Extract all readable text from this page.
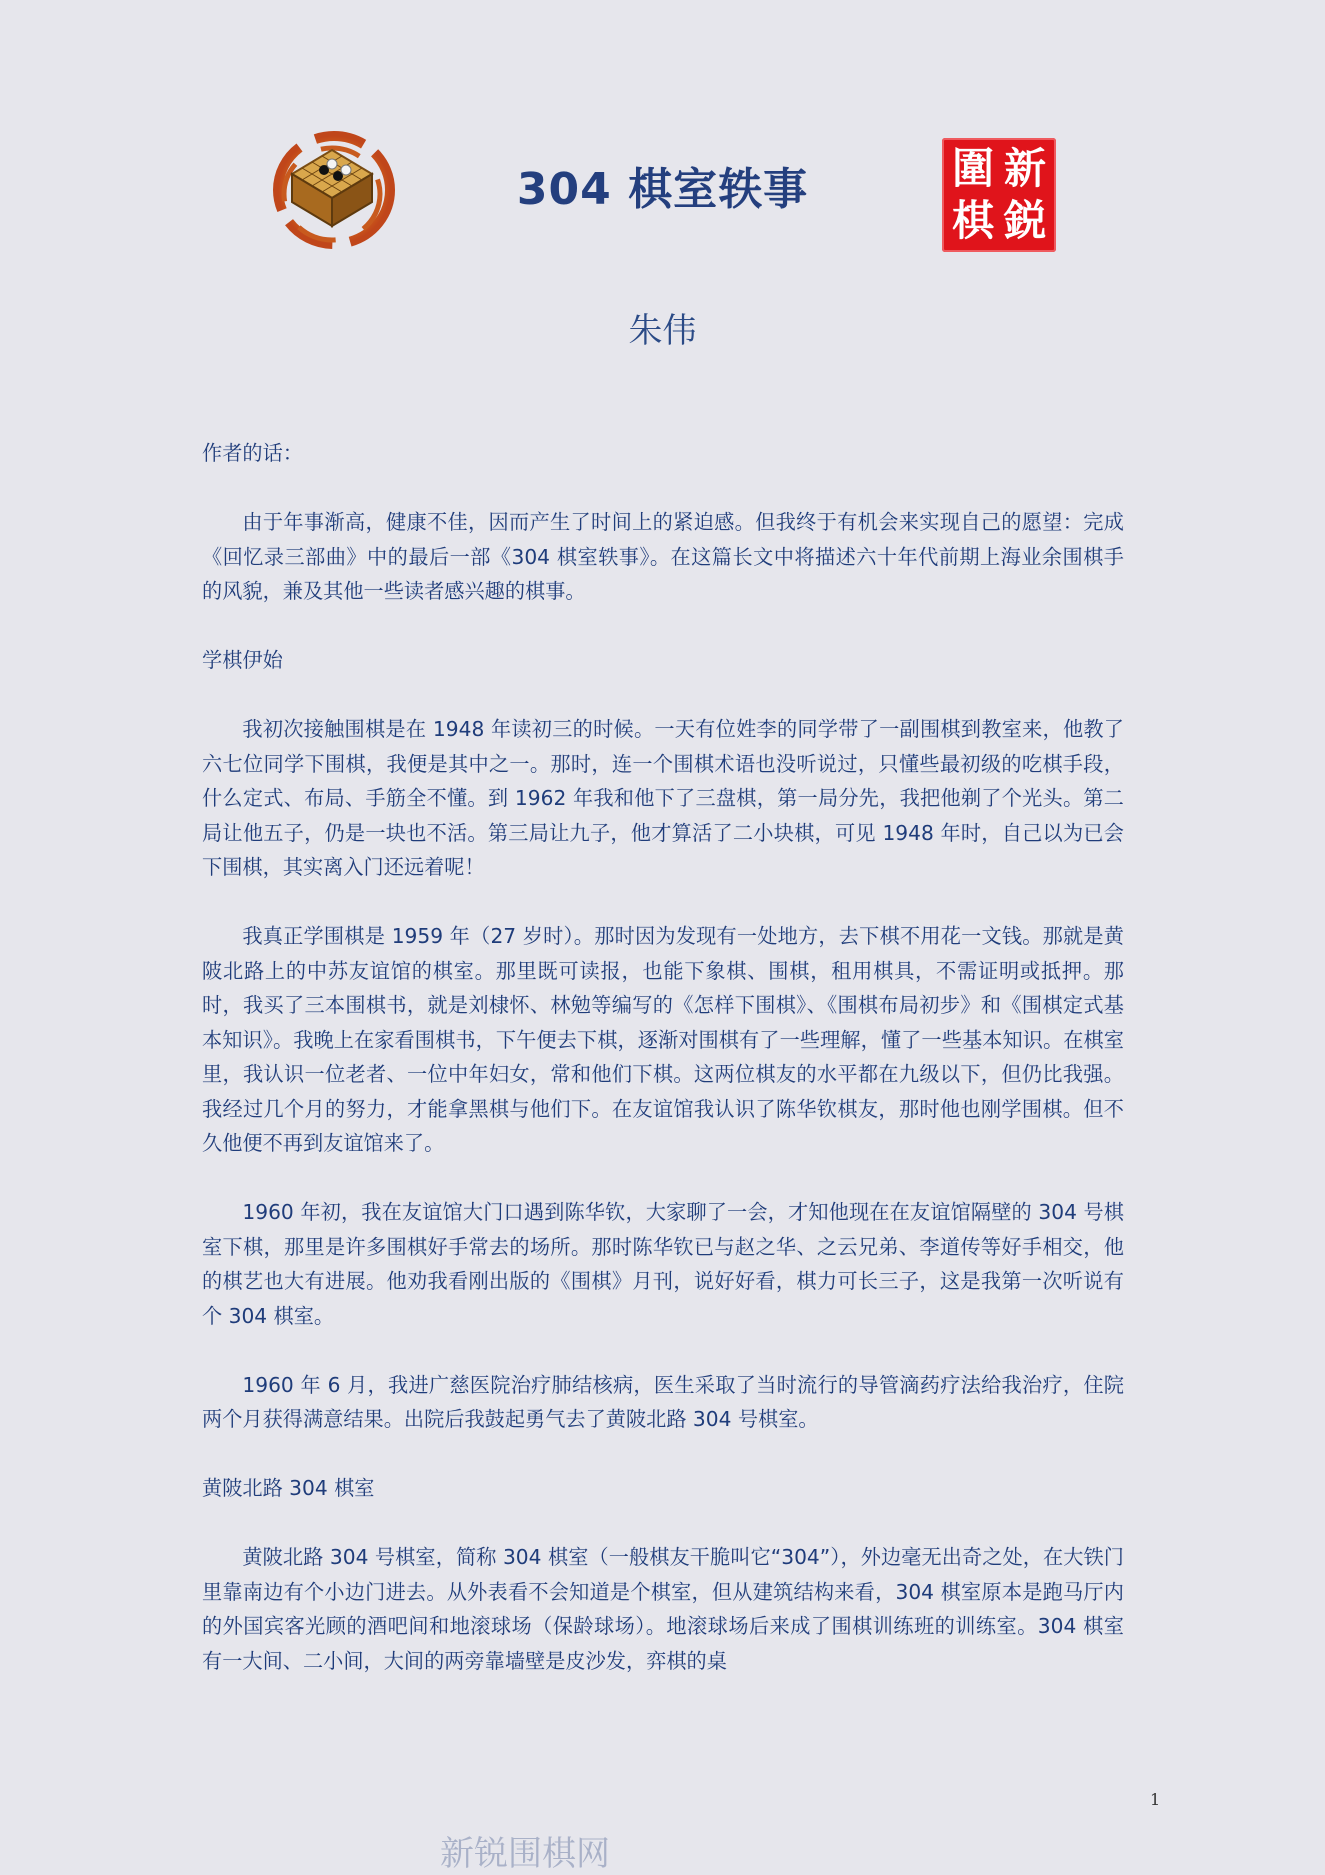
304 棋室轶事	新
圍
鋭
棋
朱伟

作者的话：

由于年事渐高，健康不佳，因而产生了时间上的紧迫感。但我终于有机会来实现自己的愿望：完成《回忆录三部曲》中的最后一部《304 棋室轶事》。在这篇长文中将描述六十年代前期上海业余围棋手的风貌，兼及其他一些读者感兴趣的棋事。

学棋伊始

我初次接触围棋是在 1948 年读初三的时候。一天有位姓李的同学带了一副围棋到教室来，他教了六七位同学下围棋，我便是其中之一。那时，连一个围棋术语也没听说过，只懂些最初级的吃棋手段，什么定式、布局、手筋全不懂。到 1962 年我和他下了三盘棋，第一局分先，我把他剃了个光头。第二局让他五子，仍是一块也不活。第三局让九子，他才算活了二小块棋，可见 1948 年时，自己以为已会下围棋，其实离入门还远着呢！

我真正学围棋是 1959 年（27 岁时）。那时因为发现有一处地方，去下棋不用花一文钱。那就是黄陂北路上的中苏友谊馆的棋室。那里既可读报，也能下象棋、围棋，租用棋具，不需证明或抵押。那时，我买了三本围棋书，就是刘棣怀、林勉等编写的《怎样下围棋》、《围棋布局初步》和《围棋定式基本知识》。我晚上在家看围棋书，下午便去下棋，逐渐对围棋有了一些理解，懂了一些基本知识。在棋室里，我认识一位老者、一位中年妇女，常和他们下棋。这两位棋友的水平都在九级以下，但仍比我强。我经过几个月的努力，才能拿黑棋与他们下。在友谊馆我认识了陈华钦棋友，那时他也刚学围棋。但不久他便不再到友谊馆来了。

1960 年初，我在友谊馆大门口遇到陈华钦，大家聊了一会，才知他现在在友谊馆隔壁的 304 号棋室下棋，那里是许多围棋好手常去的场所。那时陈华钦已与赵之华、之云兄弟、李道传等好手相交，他的棋艺也大有进展。他劝我看刚出版的《围棋》月刊，说好好看，棋力可长三子，这是我第一次听说有个 304 棋室。

1960 年 6 月，我进广慈医院治疗肺结核病，医生采取了当时流行的导管滴药疗法给我治疗，住院两个月获得满意结果。出院后我鼓起勇气去了黄陂北路 304 号棋室。

黄陂北路 304 棋室

黄陂北路 304 号棋室，简称 304 棋室（一般棋友干脆叫它“304”），外边毫无出奇之处，在大铁门里靠南边有个小边门进去。从外表看不会知道是个棋室，但从建筑结构来看，304 棋室原本是跑马厅内的外国宾客光顾的酒吧间和地滚球场（保龄球场）。地滚球场后来成了围棋训练班的训练室。304 棋室有一大间、二小间，大间的两旁靠墙壁是皮沙发，弈棋的桌

1
新锐围棋网
